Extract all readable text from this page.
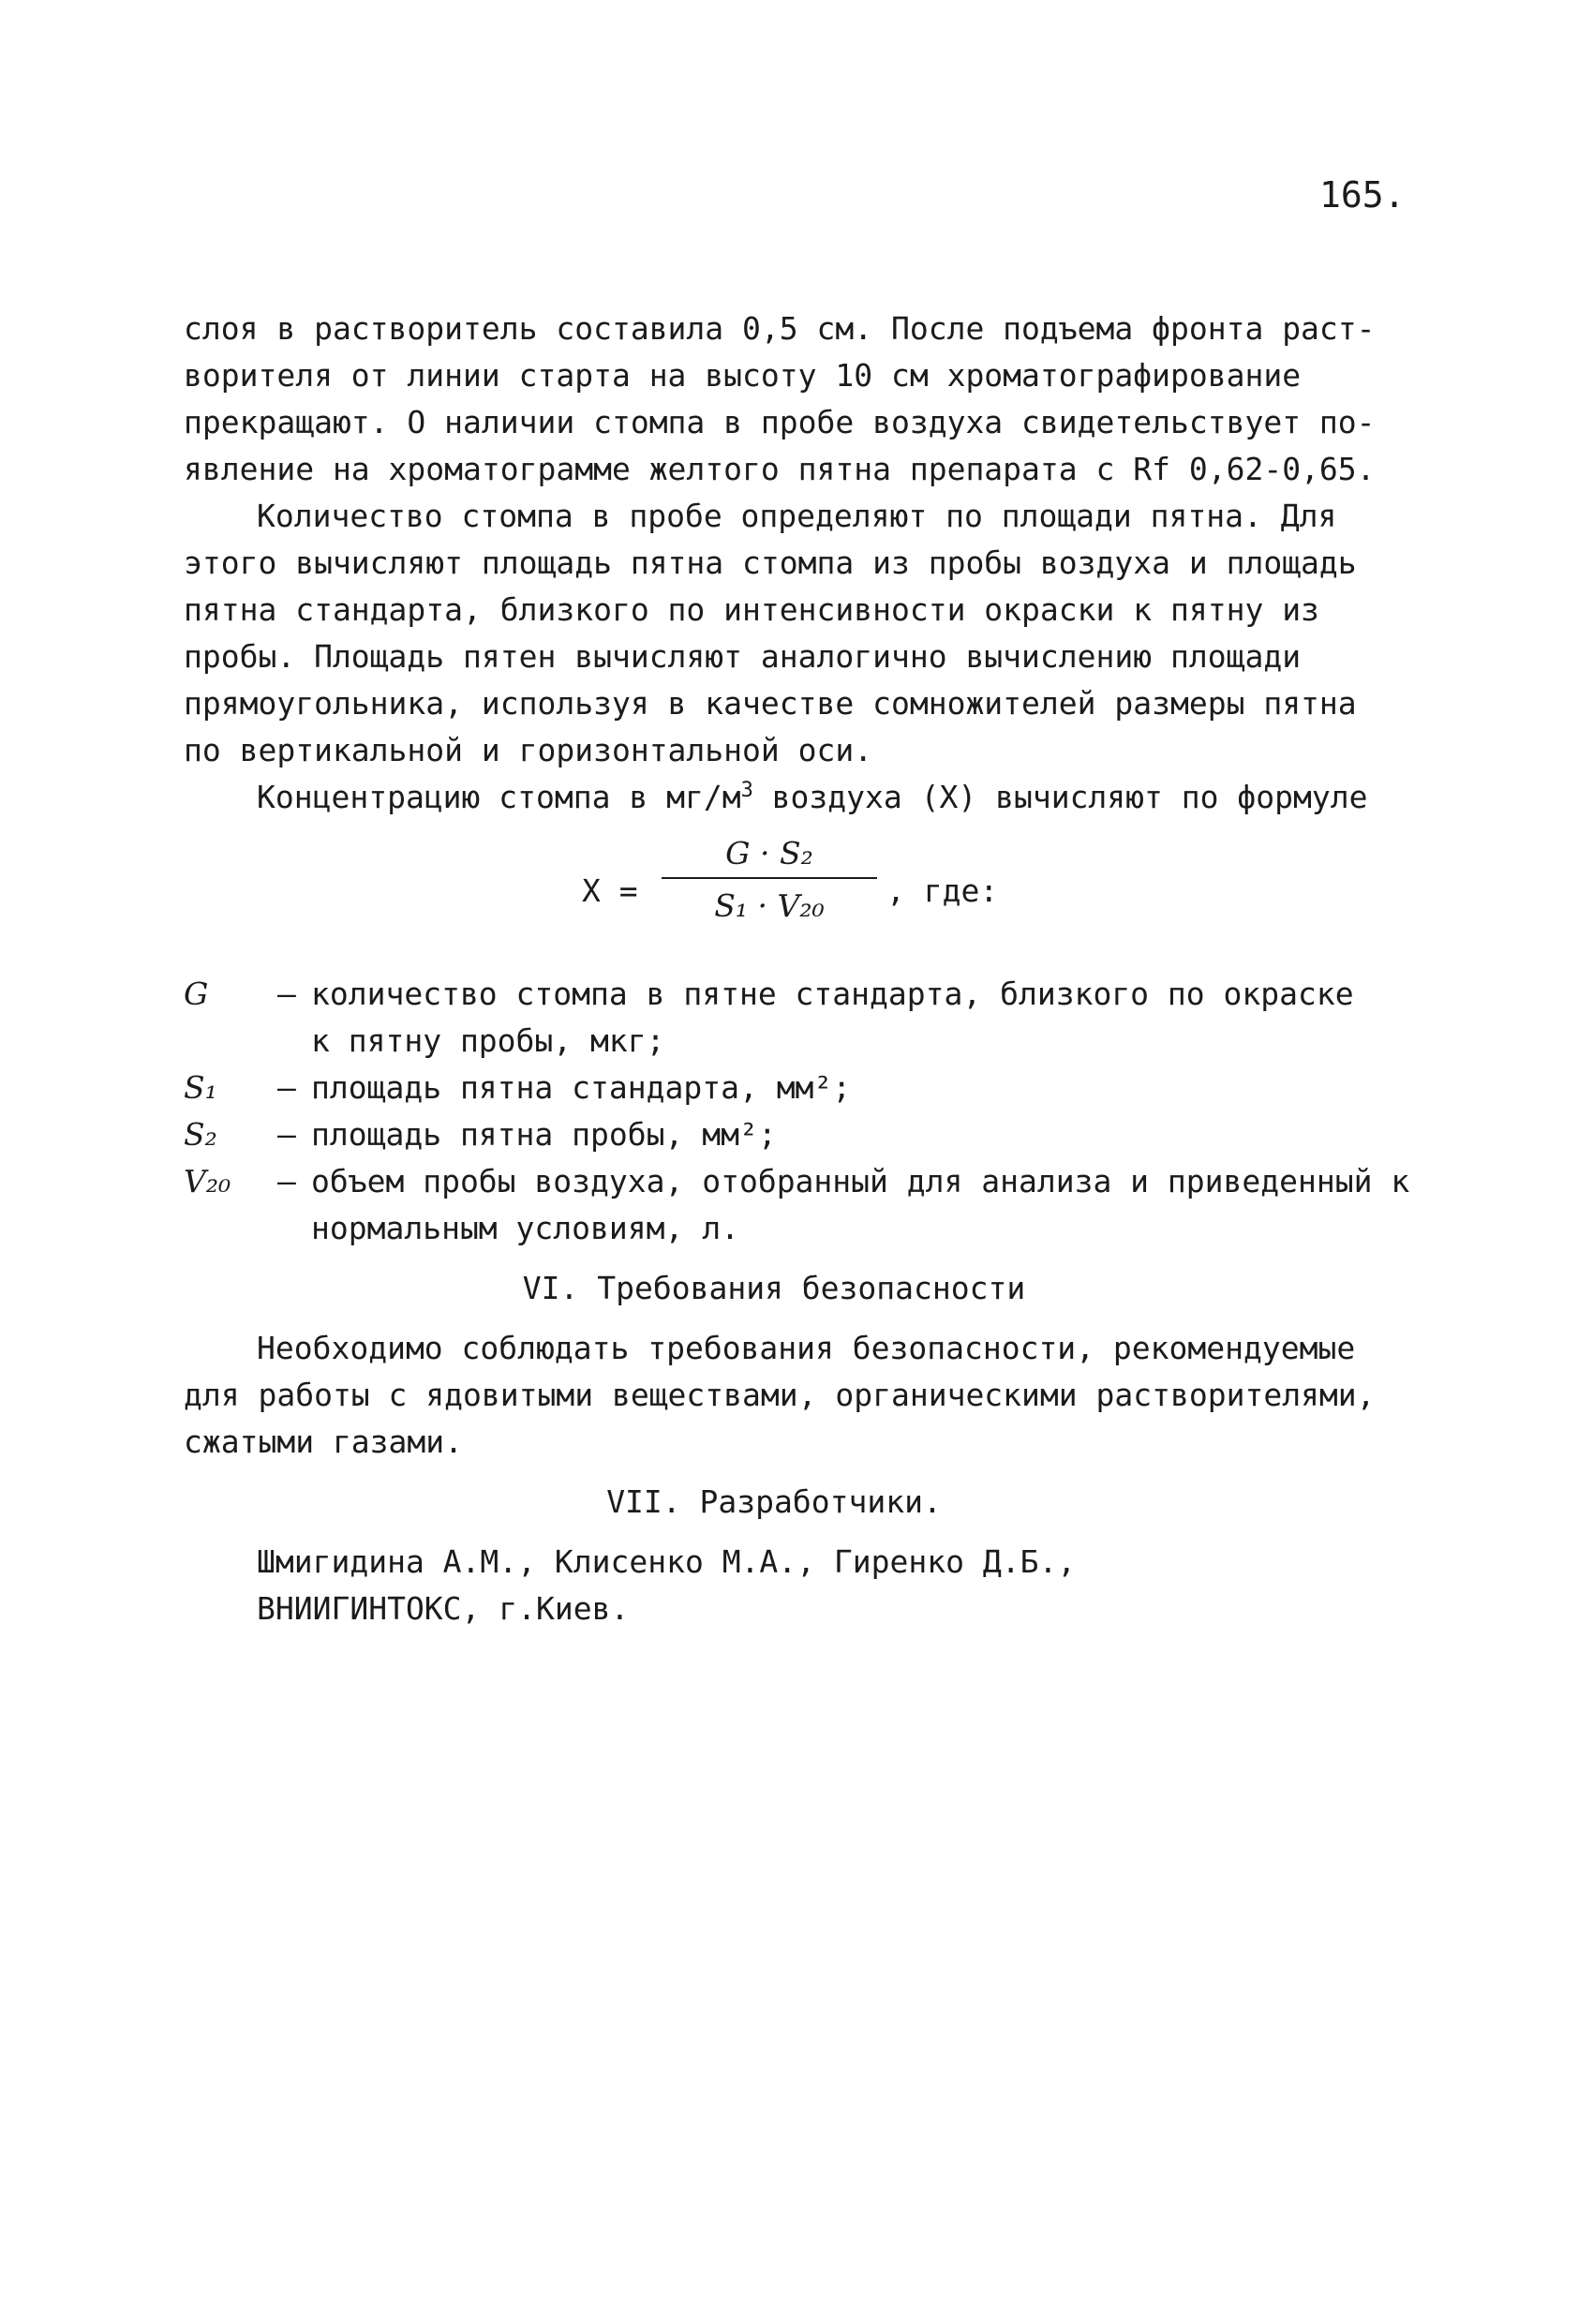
165.
слоя в растворитель составила 0,5 см. После подъема фронта раст-
ворителя от линии старта на высоту 10 см хроматографирование
прекращают. О наличии стомпа в пробе воздуха свидетельствует по-
явление на хроматограмме желтого пятна препарата с Rf 0,62-0,65.
Количество стомпа в пробе определяют по площади пятна. Для
этого вычисляют площадь пятна стомпа из пробы воздуха и площадь
пятна стандарта, близкого по интенсивности окраски к пятну из
пробы. Площадь пятен вычисляют аналогично вычислению площади
прямоугольника, используя в качестве сомножителей размеры пятна
по вертикальной и горизонтальной оси.
Концентрацию стомпа в $мг/м^3$ воздуха (X) вычисляют по формуле
X =
G · S₂
S₁ · V₂₀	, где:
G	– количество стомпа в пятне стандарта, близкого по окраске
к пятну пробы, мкг;
S₁	– площадь пятна стандарта, мм²;
S₂	– площадь пятна пробы, мм²;
V₂₀	– объем пробы воздуха, отобранный для анализа и приведенный к
нормальным условиям, л.
VI. Требования безопасности
Необходимо соблюдать требования безопасности, рекомендуемые
для работы с ядовитыми веществами, органическими растворителями,
сжатыми газами.
VII. Разработчики.
Шмигидина А.М., Клисенко М.А., Гиренко Д.Б.,
ВНИИГИНТОКС, г.Киев.
